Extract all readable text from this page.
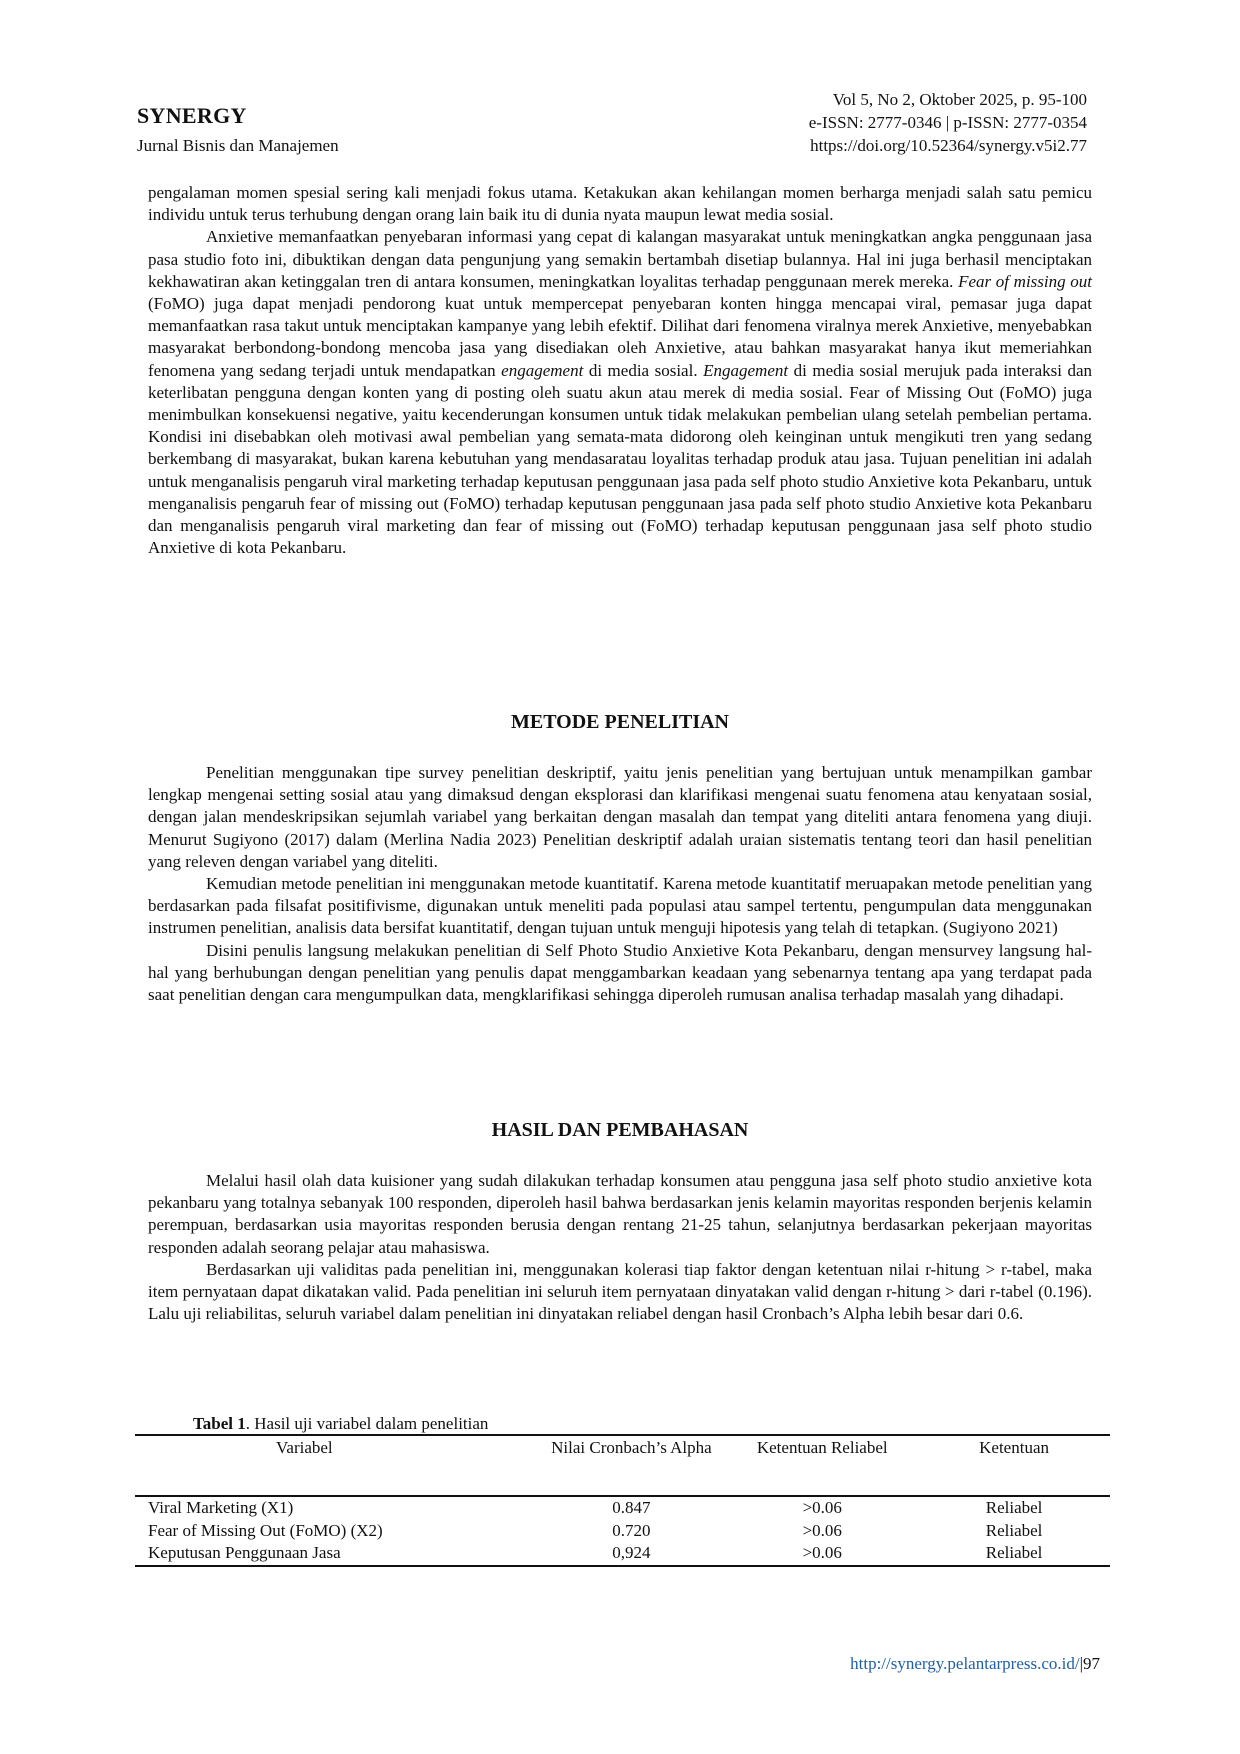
SYNERGY
Jurnal Bisnis dan Manajemen
Vol 5, No 2, Oktober 2025, p. 95-100
e-ISSN: 2777-0346 | p-ISSN: 2777-0354
https://doi.org/10.52364/synergy.v5i2.77

pengalaman momen spesial sering kali menjadi fokus utama. Ketakukan akan kehilangan momen berharga menjadi salah satu pemicu individu untuk terus terhubung dengan orang lain baik itu di dunia nyata maupun lewat media sosial.

Anxietive memanfaatkan penyebaran informasi yang cepat di kalangan masyarakat untuk meningkatkan angka penggunaan jasa pasa studio foto ini, dibuktikan dengan data pengunjung yang semakin bertambah disetiap bulannya. Hal ini juga berhasil menciptakan kekhawatiran akan ketinggalan tren di antara konsumen, meningkatkan loyalitas terhadap penggunaan merek mereka. Fear of missing out (FoMO) juga dapat menjadi pendorong kuat untuk mempercepat penyebaran konten hingga mencapai viral, pemasar juga dapat memanfaatkan rasa takut untuk menciptakan kampanye yang lebih efektif. Dilihat dari fenomena viralnya merek Anxietive, menyebabkan masyarakat berbondong-bondong mencoba jasa yang disediakan oleh Anxietive, atau bahkan masyarakat hanya ikut memeriahkan fenomena yang sedang terjadi untuk mendapatkan engagement di media sosial. Engagement di media sosial merujuk pada interaksi dan keterlibatan pengguna dengan konten yang di posting oleh suatu akun atau merek di media sosial. Fear of Missing Out (FoMO) juga menimbulkan konsekuensi negative, yaitu kecenderungan konsumen untuk tidak melakukan pembelian ulang setelah pembelian pertama. Kondisi ini disebabkan oleh motivasi awal pembelian yang semata-mata didorong oleh keinginan untuk mengikuti tren yang sedang berkembang di masyarakat, bukan karena kebutuhan yang mendasaratau loyalitas terhadap produk atau jasa. Tujuan penelitian ini adalah untuk menganalisis pengaruh viral marketing terhadap keputusan penggunaan jasa pada self photo studio Anxietive kota Pekanbaru, untuk menganalisis pengaruh fear of missing out (FoMO) terhadap keputusan penggunaan jasa pada self photo studio Anxietive kota Pekanbaru dan menganalisis pengaruh viral marketing dan fear of missing out (FoMO) terhadap keputusan penggunaan jasa self photo studio Anxietive di kota Pekanbaru.

METODE PENELITIAN

Penelitian menggunakan tipe survey penelitian deskriptif, yaitu jenis penelitian yang bertujuan untuk menampilkan gambar lengkap mengenai setting sosial atau yang dimaksud dengan eksplorasi dan klarifikasi mengenai suatu fenomena atau kenyataan sosial, dengan jalan mendeskripsikan sejumlah variabel yang berkaitan dengan masalah dan tempat yang diteliti antara fenomena yang diuji. Menurut Sugiyono (2017) dalam (Merlina Nadia 2023) Penelitian deskriptif adalah uraian sistematis tentang teori dan hasil penelitian yang releven dengan variabel yang diteliti.

Kemudian metode penelitian ini menggunakan metode kuantitatif. Karena metode kuantitatif meruapakan metode penelitian yang berdasarkan pada filsafat positifivisme, digunakan untuk meneliti pada populasi atau sampel tertentu, pengumpulan data menggunakan instrumen penelitian, analisis data bersifat kuantitatif, dengan tujuan untuk menguji hipotesis yang telah di tetapkan. (Sugiyono 2021)

Disini penulis langsung melakukan penelitian di Self Photo Studio Anxietive Kota Pekanbaru, dengan mensurvey langsung hal-hal yang berhubungan dengan penelitian yang penulis dapat menggambarkan keadaan yang sebenarnya tentang apa yang terdapat pada saat penelitian dengan cara mengumpulkan data, mengklarifikasi sehingga diperoleh rumusan analisa terhadap masalah yang dihadapi.

HASIL DAN PEMBAHASAN

Melalui hasil olah data kuisioner yang sudah dilakukan terhadap konsumen atau pengguna jasa self photo studio anxietive kota pekanbaru yang totalnya sebanyak 100 responden, diperoleh hasil bahwa berdasarkan jenis kelamin mayoritas responden berjenis kelamin perempuan, berdasarkan usia mayoritas responden berusia dengan rentang 21-25 tahun, selanjutnya berdasarkan pekerjaan mayoritas responden adalah seorang pelajar atau mahasiswa.

Berdasarkan uji validitas pada penelitian ini, menggunakan kolerasi tiap faktor dengan ketentuan nilai r-hitung > r-tabel, maka item pernyataan dapat dikatakan valid. Pada penelitian ini seluruh item pernyataan dinyatakan valid dengan r-hitung > dari r-tabel (0.196). Lalu uji reliabilitas, seluruh variabel dalam penelitian ini dinyatakan reliabel dengan hasil Cronbach’s Alpha lebih besar dari 0.6.

Tabel 1. Hasil uji variabel dalam penelitian
Variabel	Nilai Cronbach’s Alpha	Ketentuan Reliabel	Ketentuan
Viral Marketing (X1)	0.847	>0.06	Reliabel
Fear of Missing Out (FoMO) (X2)	0.720	>0.06	Reliabel
Keputusan Penggunaan Jasa	0,924	>0.06	Reliabel
http://synergy.pelantarpress.co.id/|97
